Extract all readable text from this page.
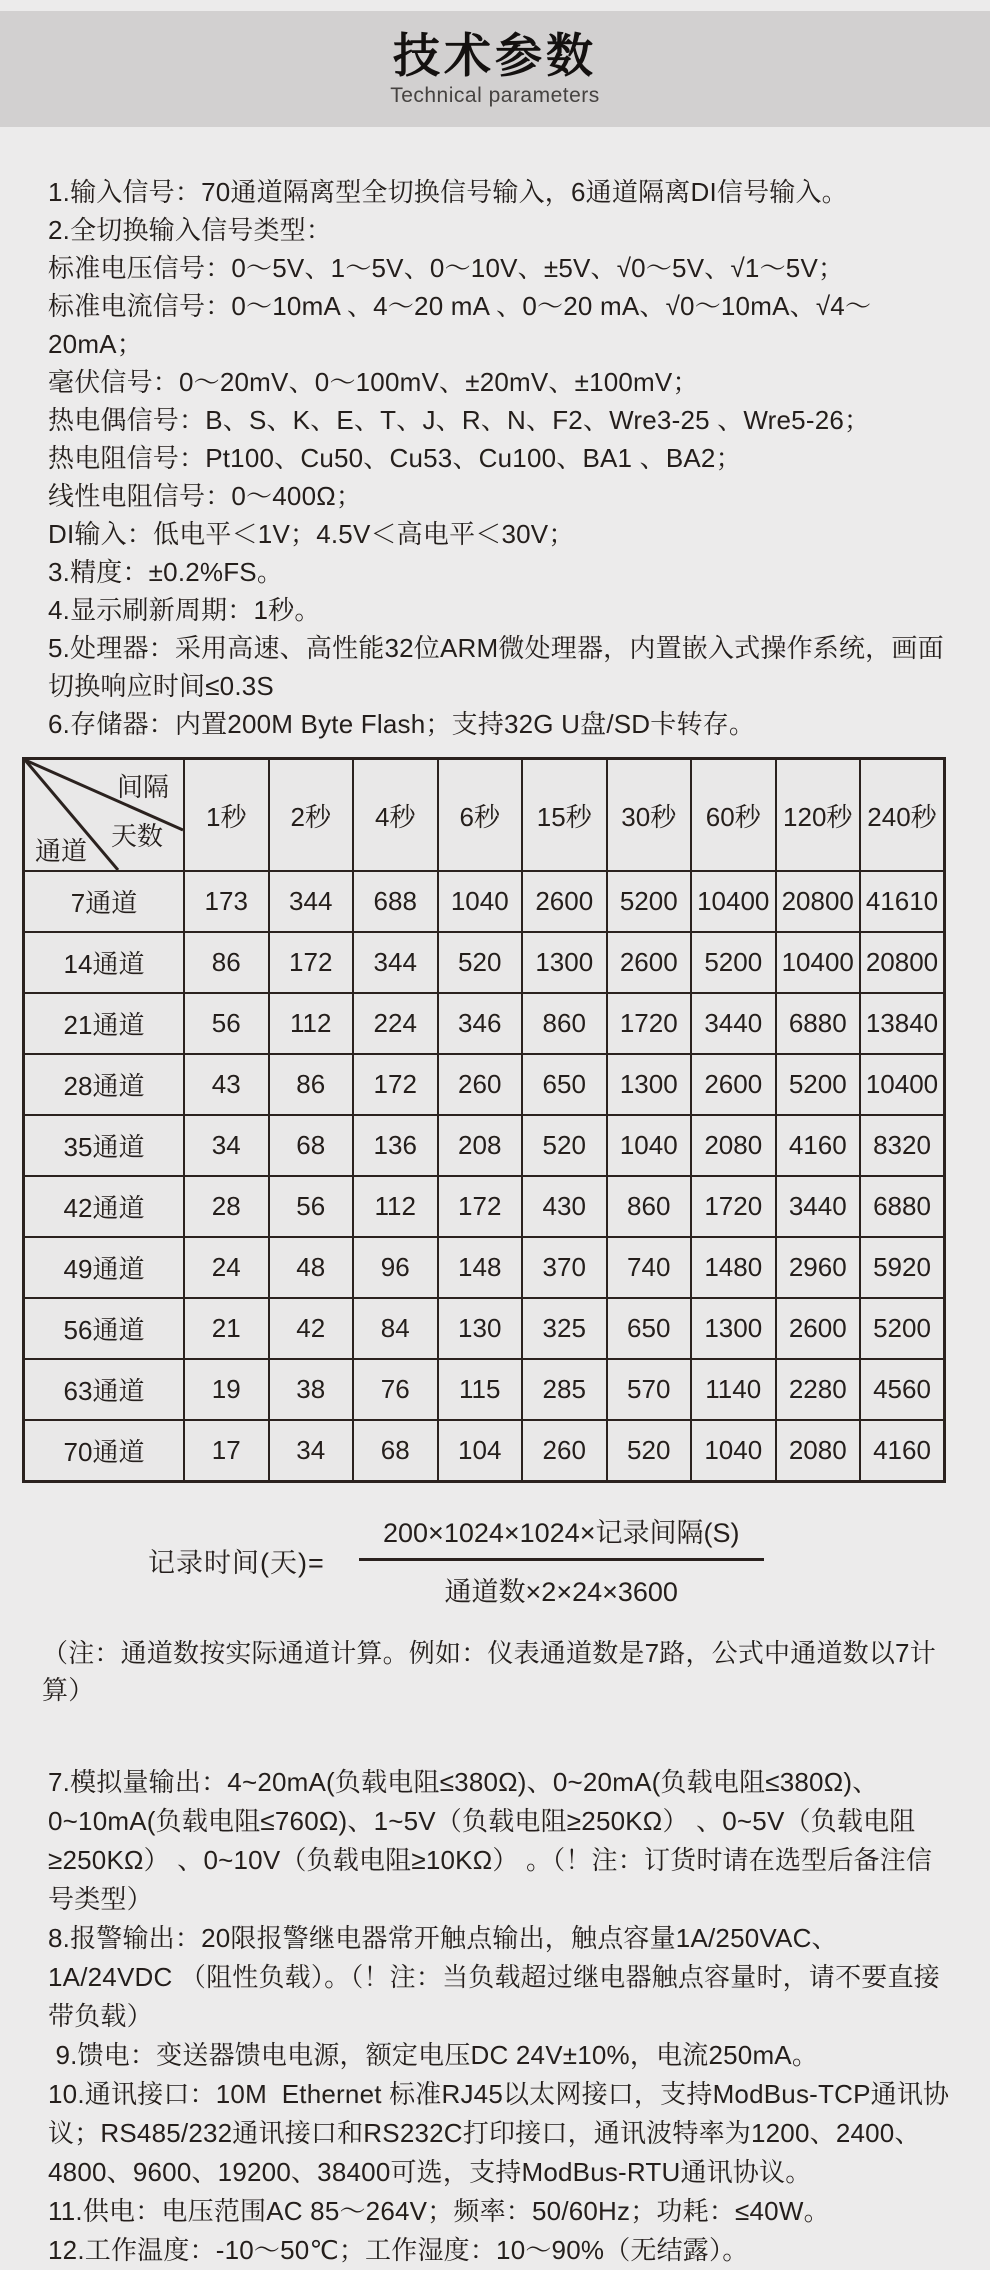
技术参数
Technical parameters

1.输入信号：70通道隔离型全切换信号输入，6通道隔离DI信号输入。

2.全切换输入信号类型：

标准电压信号：0～5V、1～5V、0～10V、±5V、√0～5V、√1～5V；

标准电流信号：0～10mA 、4～20 mA 、0～20 mA、√0～10mA、√4～20mA；

毫伏信号：0～20mV、0～100mV、±20mV、±100mV；

热电偶信号：B、S、K、E、T、J、R、N、F2、Wre3-25 、Wre5-26；

热电阻信号：Pt100、Cu50、Cu53、Cu100、BA1 、BA2；

线性电阻信号：0～400Ω；

DI输入：低电平＜1V；4.5V＜高电平＜30V；

3.精度：±0.2%FS。

4.显示刷新周期：1秒。

5.处理器：采用高速、高性能32位ARM微处理器，内置嵌入式操作系统，画面切换响应时间≤0.3S

6.存储器：内置200M Byte Flash；支持32G U盘/SD卡转存。

间隔
天数
通道	1秒	2秒	4秒	6秒	15秒	30秒	60秒	120秒	240秒
7通道	173	344	688	1040	2600	5200	10400	20800	41610
14通道	86	172	344	520	1300	2600	5200	10400	20800
21通道	56	112	224	346	860	1720	3440	6880	13840
28通道	43	86	172	260	650	1300	2600	5200	10400
35通道	34	68	136	208	520	1040	2080	4160	8320
42通道	28	56	112	172	430	860	1720	3440	6880
49通道	24	48	96	148	370	740	1480	2960	5920
56通道	21	42	84	130	325	650	1300	2600	5200
63通道	19	38	76	115	285	570	1140	2280	4560
70通道	17	34	68	104	260	520	1040	2080	4160
记录时间(天)= $\frac{\text{200×1024×1024×记录间隔(S)}}{\text{通道数×2×24×3600}}$
（注：通道数按实际通道计算。例如：仪表通道数是7路，公式中通道数以7计算）

7.模拟量输出：4~20mA(负载电阻≤380Ω)、0~20mA(负载电阻≤380Ω)、0~10mA(负载电阻≤760Ω)、1~5V（负载电阻≥250KΩ） 、0~5V（负载电阻≥250KΩ） 、0~10V（负载电阻≥10KΩ） 。（！注：订货时请在选型后备注信号类型）

8.报警输出：20限报警继电器常开触点输出，触点容量1A/250VAC、1A/24VDC （阻性负载）。（！注：当负载超过继电器触点容量时，请不要直接带负载）

9.馈电：变送器馈电电源，额定电压DC 24V±10%，电流250mA。

10.通讯接口：10M  Ethernet 标准RJ45以太网接口，支持ModBus-TCP通讯协议；RS485/232通讯接口和RS232C打印接口，通讯波特率为1200、2400、4800、9600、19200、38400可选，支持ModBus-RTU通讯协议。

11.供电：电压范围AC 85～264V；频率：50/60Hz；功耗：≤40W。

12.工作温度：-10～50℃；工作湿度：10～90%（无结露）。
